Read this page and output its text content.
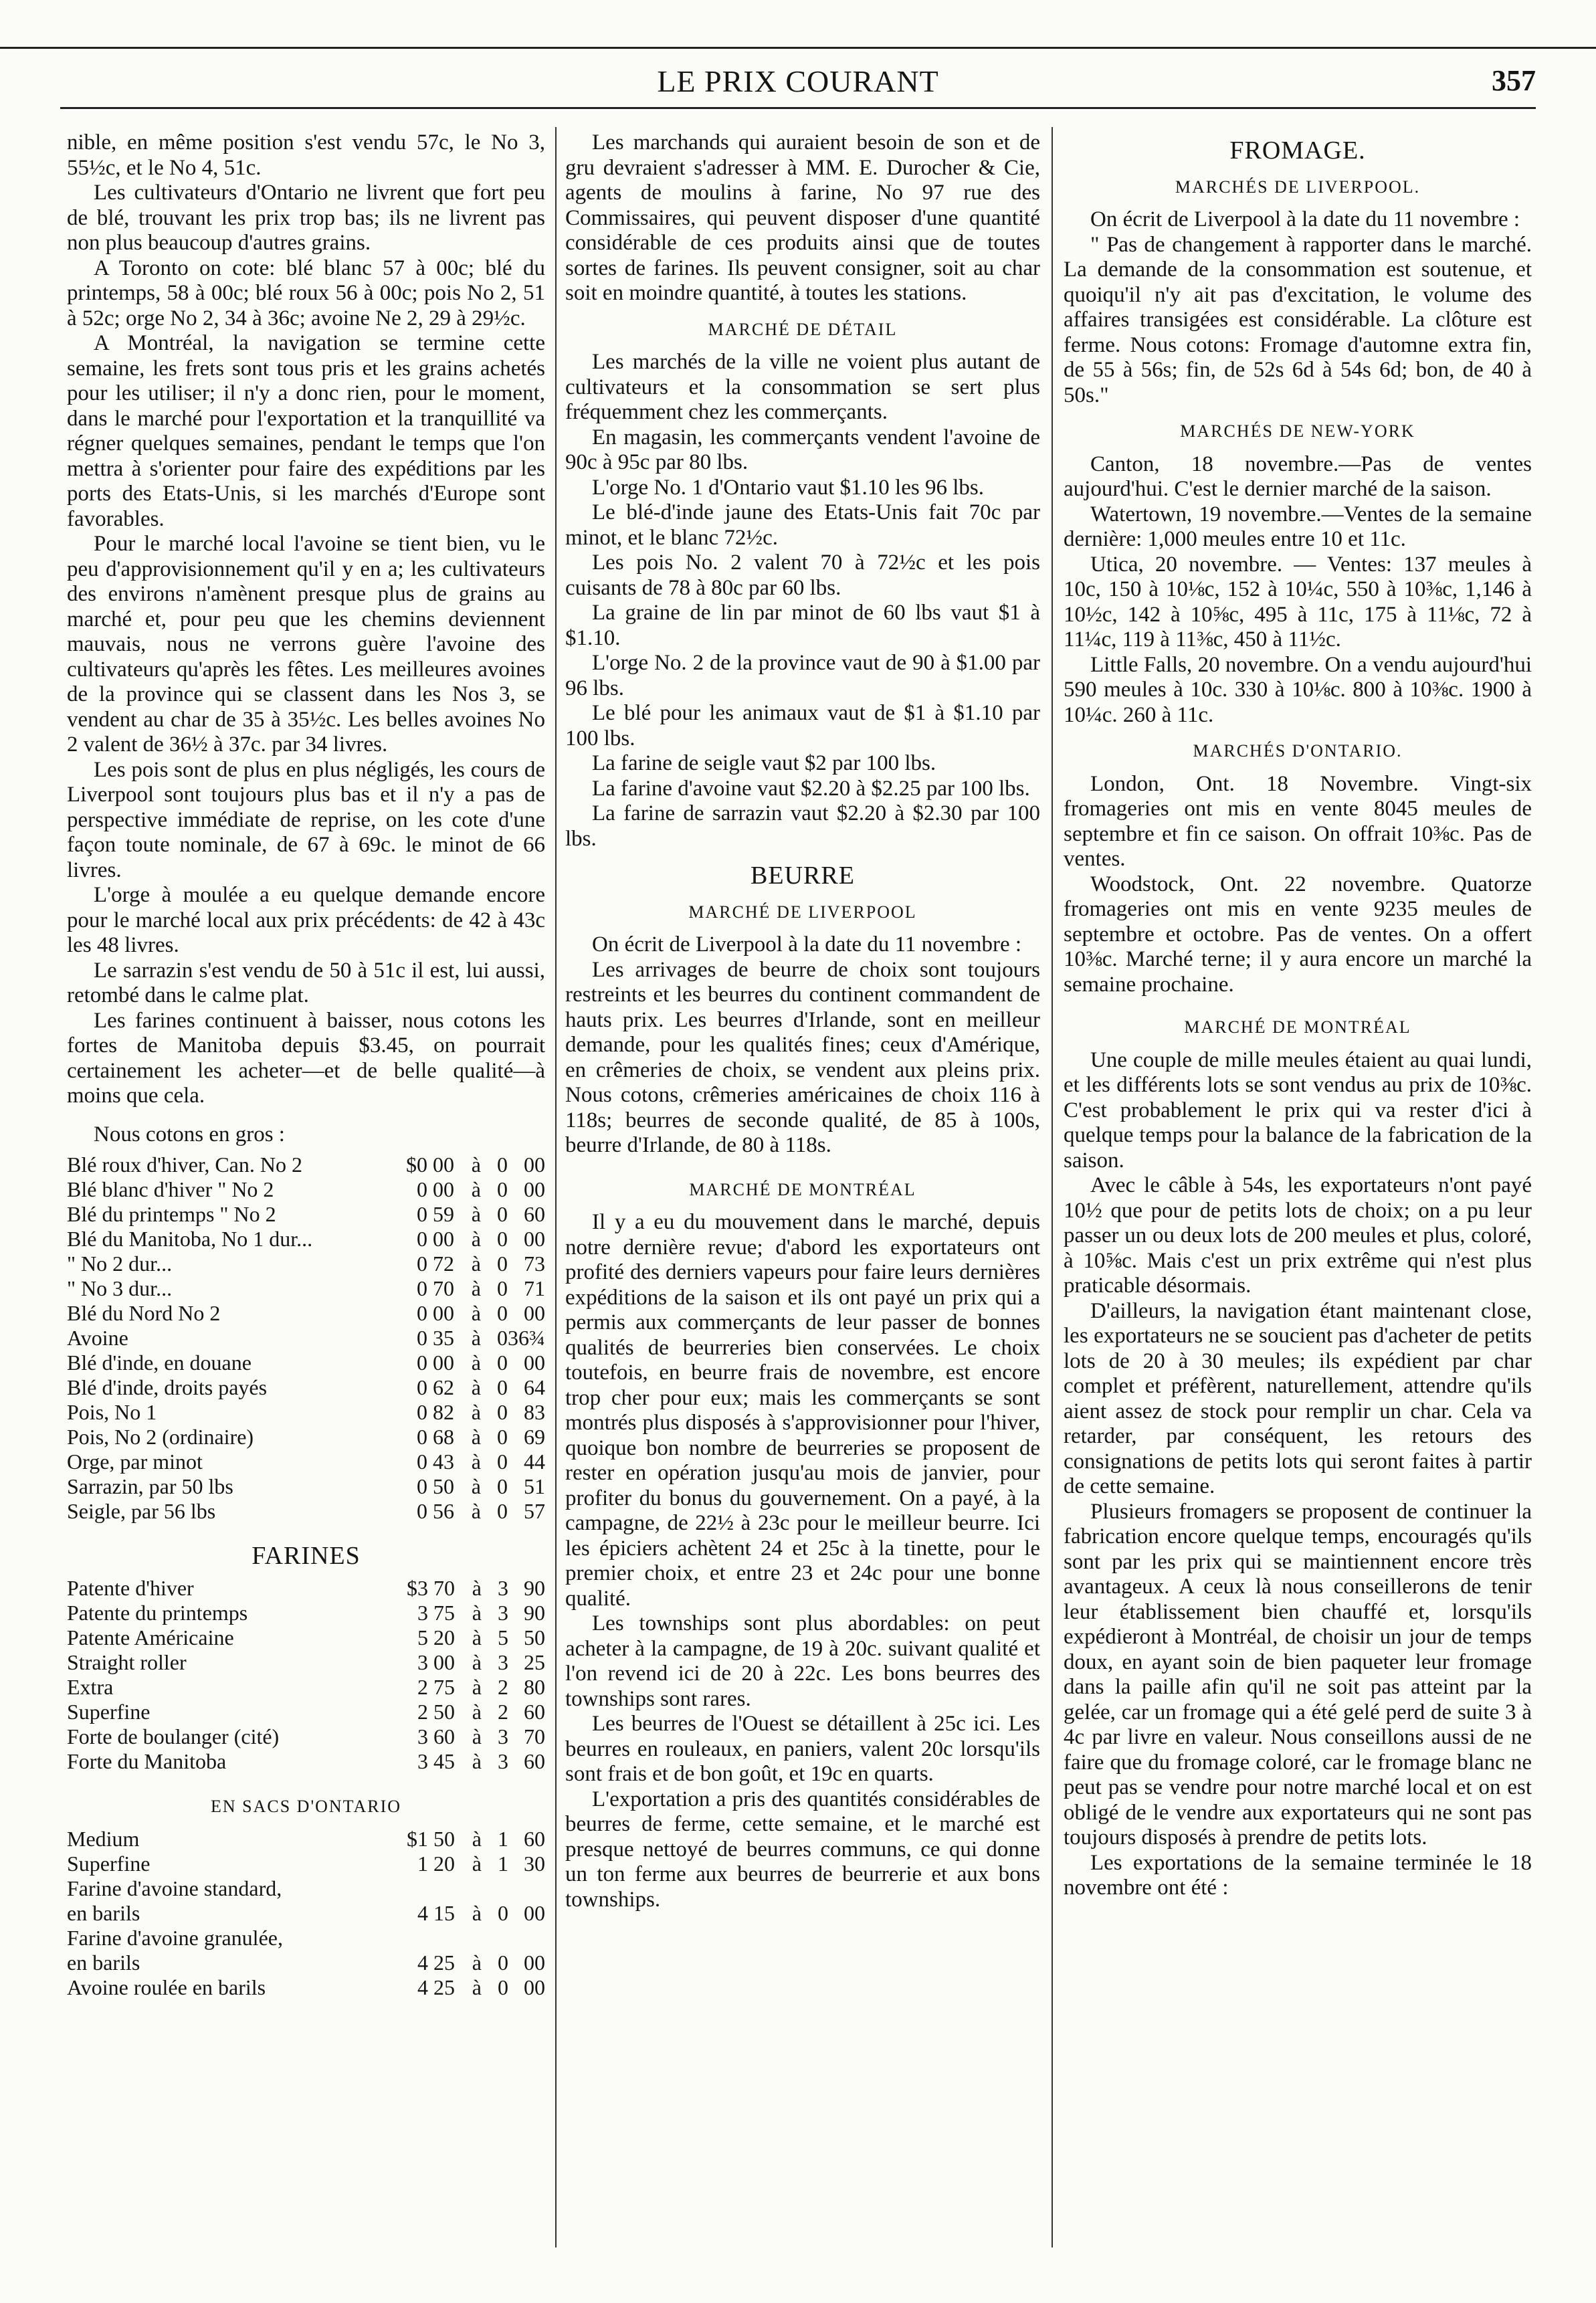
LE PRIX COURANT	357

nible, en même position s'est vendu 57c, le No 3, 55½c, et le No 4, 51c.

Les cultivateurs d'Ontario ne livrent que fort peu de blé, trouvant les prix trop bas; ils ne livrent pas non plus beaucoup d'autres grains.

A Toronto on cote: blé blanc 57 à 00c; blé du printemps, 58 à 00c; blé roux 56 à 00c; pois No 2, 51 à 52c; orge No 2, 34 à 36c; avoine Ne 2, 29 à 29½c.

A Montréal, la navigation se termine cette semaine, les frets sont tous pris et les grains achetés pour les utiliser; il n'y a donc rien, pour le moment, dans le marché pour l'exportation et la tranquillité va régner quelques semaines, pendant le temps que l'on mettra à s'orienter pour faire des expéditions par les ports des Etats-Unis, si les marchés d'Europe sont favorables.

Pour le marché local l'avoine se tient bien, vu le peu d'approvisionnement qu'il y en a; les cultivateurs des environs n'amènent presque plus de grains au marché et, pour peu que les chemins deviennent mauvais, nous ne verrons guère l'avoine des cultivateurs qu'après les fêtes. Les meilleures avoines de la province qui se classent dans les Nos 3, se vendent au char de 35 à 35½c. Les belles avoines No 2 valent de 36½ à 37c. par 34 livres.

Les pois sont de plus en plus négligés, les cours de Liverpool sont toujours plus bas et il n'y a pas de perspective immédiate de reprise, on les cote d'une façon toute nominale, de 67 à 69c. le minot de 66 livres.

L'orge à moulée a eu quelque demande encore pour le marché local aux prix précédents: de 42 à 43c les 48 livres.

Le sarrazin s'est vendu de 50 à 51c il est, lui aussi, retombé dans le calme plat.

Les farines continuent à baisser, nous cotons les fortes de Manitoba depuis $3.45, on pourrait certainement les acheter—et de belle qualité—à moins que cela.

Nous cotons en gros :

Blé roux d'hiver, Can. No 2	$0	00	à	0	00
Blé blanc d'hiver " No 2	0	00	à	0	00
Blé du printemps " No 2	0	59	à	0	60
Blé du Manitoba, No 1 dur...	0	00	à	0	00
" No 2 dur...	0	72	à	0	73
" No 3 dur...	0	70	à	0	71
Blé du Nord No 2	0	00	à	0	00
Avoine	0	35	à	0	36¾
Blé d'inde, en douane	0	00	à	0	00
Blé d'inde, droits payés	0	62	à	0	64
Pois, No 1	0	82	à	0	83
Pois, No 2 (ordinaire)	0	68	à	0	69
Orge, par minot	0	43	à	0	44
Sarrazin, par 50 lbs	0	50	à	0	51
Seigle, par 56 lbs	0	56	à	0	57

FARINES

Patente d'hiver	$3	70	à	3	90
Patente du printemps	3	75	à	3	90
Patente Américaine	5	20	à	5	50
Straight roller	3	00	à	3	25
Extra	2	75	à	2	80
Superfine	2	50	à	2	60
Forte de boulanger (cité)	3	60	à	3	70
Forte du Manitoba	3	45	à	3	60

EN SACS D'ONTARIO

Medium	$1	50	à	1	60
Superfine	1	20	à	1	30
Farine d'avoine standard,					
en barils	4	15	à	0	00
Farine d'avoine granulée,					
en barils	4	25	à	0	00
Avoine roulée en barils	4	25	à	0	00

Les marchands qui auraient besoin de son et de gru devraient s'adresser à MM. E. Durocher & Cie, agents de moulins à farine, No 97 rue des Commissaires, qui peuvent disposer d'une quantité considérable de ces produits ainsi que de toutes sortes de farines. Ils peuvent consigner, soit au char soit en moindre quantité, à toutes les stations.

MARCHÉ DE DÉTAIL

Les marchés de la ville ne voient plus autant de cultivateurs et la consommation se sert plus fréquemment chez les commerçants.

En magasin, les commerçants vendent l'avoine de 90c à 95c par 80 lbs.

L'orge No. 1 d'Ontario vaut $1.10 les 96 lbs.

Le blé-d'inde jaune des Etats-Unis fait 70c par minot, et le blanc 72½c.

Les pois No. 2 valent 70 à 72½c et les pois cuisants de 78 à 80c par 60 lbs.

La graine de lin par minot de 60 lbs vaut $1 à $1.10.

L'orge No. 2 de la province vaut de 90 à $1.00 par 96 lbs.

Le blé pour les animaux vaut de $1 à $1.10 par 100 lbs.

La farine de seigle vaut $2 par 100 lbs.

La farine d'avoine vaut $2.20 à $2.25 par 100 lbs.

La farine de sarrazin vaut $2.20 à $2.30 par 100 lbs.

BEURRE

MARCHÉ DE LIVERPOOL

On écrit de Liverpool à la date du 11 novembre :

Les arrivages de beurre de choix sont toujours restreints et les beurres du continent commandent de hauts prix. Les beurres d'Irlande, sont en meilleur demande, pour les qualités fines; ceux d'Amérique, en crêmeries de choix, se vendent aux pleins prix. Nous cotons, crêmeries américaines de choix 116 à 118s; beurres de seconde qualité, de 85 à 100s, beurre d'Irlande, de 80 à 118s.

MARCHÉ DE MONTRÉAL

Il y a eu du mouvement dans le marché, depuis notre dernière revue; d'abord les exportateurs ont profité des derniers vapeurs pour faire leurs dernières expéditions de la saison et ils ont payé un prix qui a permis aux commerçants de leur passer de bonnes qualités de beurreries bien conservées. Le choix toutefois, en beurre frais de novembre, est encore trop cher pour eux; mais les commerçants se sont montrés plus disposés à s'approvisionner pour l'hiver, quoique bon nombre de beurreries se proposent de rester en opération jusqu'au mois de janvier, pour profiter du bonus du gouvernement. On a payé, à la campagne, de 22½ à 23c pour le meilleur beurre. Ici les épiciers achètent 24 et 25c à la tinette, pour le premier choix, et entre 23 et 24c pour une bonne qualité.

Les townships sont plus abordables: on peut acheter à la campagne, de 19 à 20c. suivant qualité et l'on revend ici de 20 à 22c. Les bons beurres des townships sont rares.

Les beurres de l'Ouest se détaillent à 25c ici. Les beurres en rouleaux, en paniers, valent 20c lorsqu'ils sont frais et de bon goût, et 19c en quarts.

L'exportation a pris des quantités considérables de beurres de ferme, cette semaine, et le marché est presque nettoyé de beurres communs, ce qui donne un ton ferme aux beurres de beurrerie et aux bons townships.

FROMAGE.

MARCHÉS DE LIVERPOOL.

On écrit de Liverpool à la date du 11 novembre :

" Pas de changement à rapporter dans le marché. La demande de la consommation est soutenue, et quoiqu'il n'y ait pas d'excitation, le volume des affaires transigées est considérable. La clôture est ferme. Nous cotons: Fromage d'automne extra fin, de 55 à 56s; fin, de 52s 6d à 54s 6d; bon, de 40 à 50s."

MARCHÉS DE NEW-YORK

Canton, 18 novembre.—Pas de ventes aujourd'hui. C'est le dernier marché de la saison.

Watertown, 19 novembre.—Ventes de la semaine dernière: 1,000 meules entre 10 et 11c.

Utica, 20 novembre. — Ventes: 137 meules à 10c, 150 à 10⅛c, 152 à 10¼c, 550 à 10⅜c, 1,146 à 10½c, 142 à 10⅝c, 495 à 11c, 175 à 11⅛c, 72 à 11¼c, 119 à 11⅜c, 450 à 11½c.

Little Falls, 20 novembre. On a vendu aujourd'hui 590 meules à 10c. 330 à 10⅛c. 800 à 10⅜c. 1900 à 10¼c. 260 à 11c.

MARCHÉS D'ONTARIO.

London, Ont. 18 Novembre. Vingt-six fromageries ont mis en vente 8045 meules de septembre et fin ce saison. On offrait 10⅜c. Pas de ventes.

Woodstock, Ont. 22 novembre. Quatorze fromageries ont mis en vente 9235 meules de septembre et octobre. Pas de ventes. On a offert 10⅜c. Marché terne; il y aura encore un marché la semaine prochaine.

MARCHÉ DE MONTRÉAL

Une couple de mille meules étaient au quai lundi, et les différents lots se sont vendus au prix de 10⅜c. C'est probablement le prix qui va rester d'ici à quelque temps pour la balance de la fabrication de la saison.

Avec le câble à 54s, les exportateurs n'ont payé 10½ que pour de petits lots de choix; on a pu leur passer un ou deux lots de 200 meules et plus, coloré, à 10⅝c. Mais c'est un prix extrême qui n'est plus praticable désormais.

D'ailleurs, la navigation étant maintenant close, les exportateurs ne se soucient pas d'acheter de petits lots de 20 à 30 meules; ils expédient par char complet et préfèrent, naturellement, attendre qu'ils aient assez de stock pour remplir un char. Cela va retarder, par conséquent, les retours des consignations de petits lots qui seront faites à partir de cette semaine.

Plusieurs fromagers se proposent de continuer la fabrication encore quelque temps, encouragés qu'ils sont par les prix qui se maintiennent encore très avantageux. A ceux là nous conseillerons de tenir leur établissement bien chauffé et, lorsqu'ils expédieront à Montréal, de choisir un jour de temps doux, en ayant soin de bien paqueter leur fromage dans la paille afin qu'il ne soit pas atteint par la gelée, car un fromage qui a été gelé perd de suite 3 à 4c par livre en valeur. Nous conseillons aussi de ne faire que du fromage coloré, car le fromage blanc ne peut pas se vendre pour notre marché local et on est obligé de le vendre aux exportateurs qui ne sont pas toujours disposés à prendre de petits lots.

Les exportations de la semaine terminée le 18 novembre ont été :
